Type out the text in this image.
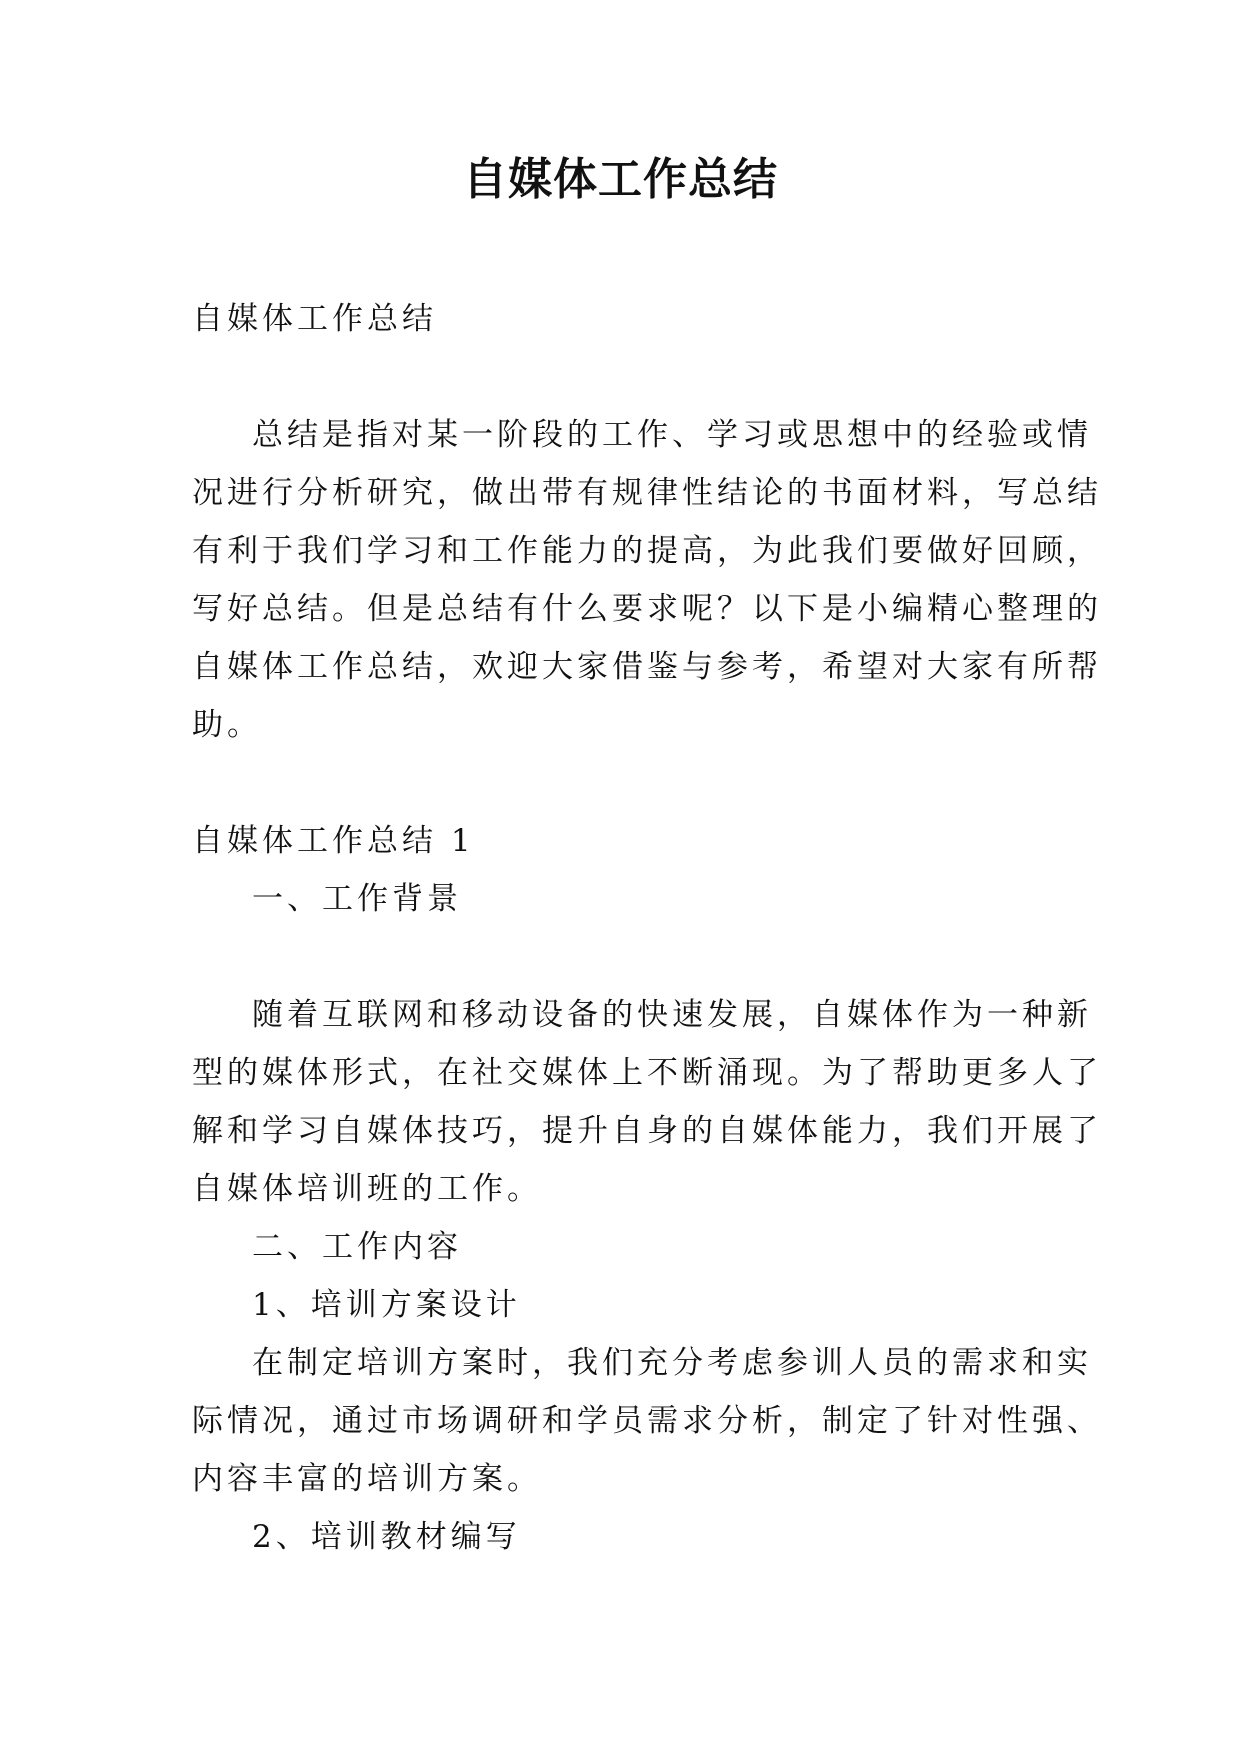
自媒体工作总结
自媒体工作总结
总结是指对某一阶段的工作、学习或思想中的经验或情
况进行分析研究，做出带有规律性结论的书面材料，写总结
有利于我们学习和工作能力的提高，为此我们要做好回顾，
写好总结。但是总结有什么要求呢？以下是小编精心整理的
自媒体工作总结，欢迎大家借鉴与参考，希望对大家有所帮
助。
自媒体工作总结 1
一、工作背景
随着互联网和移动设备的快速发展，自媒体作为一种新
型的媒体形式，在社交媒体上不断涌现。为了帮助更多人了
解和学习自媒体技巧，提升自身的自媒体能力，我们开展了
自媒体培训班的工作。
二、工作内容
1、培训方案设计
在制定培训方案时，我们充分考虑参训人员的需求和实
际情况，通过市场调研和学员需求分析，制定了针对性强、
内容丰富的培训方案。
2、培训教材编写
